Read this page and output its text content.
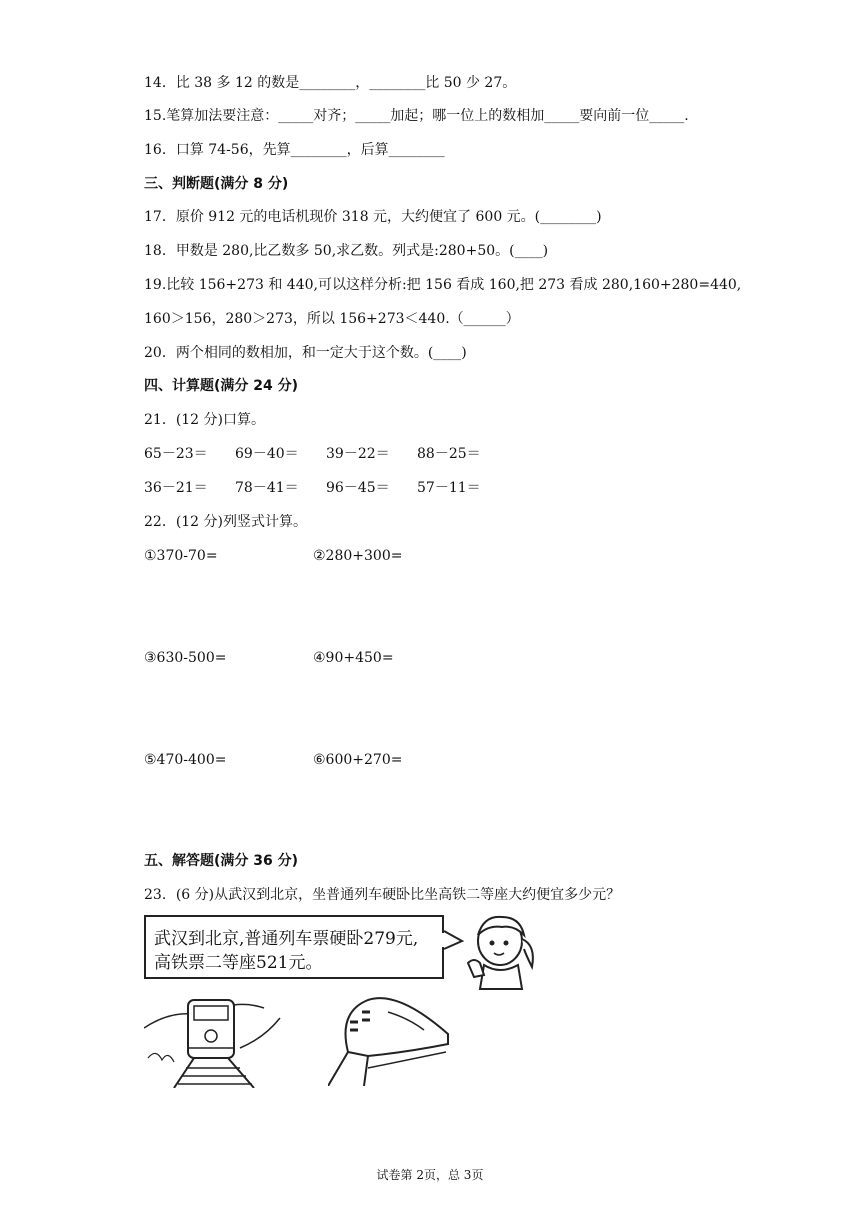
14．比 38 多 12 的数是________，________比 50 少 27。
15.笔算加法要注意：_____对齐；_____加起；哪一位上的数相加_____要向前一位_____.
16．口算 74-56，先算________，后算________
三、判断题(满分 8 分)
17．原价 912 元的电话机现价 318 元，大约便宜了 600 元。(________)
18．甲数是 280,比乙数多 50,求乙数。列式是:280+50。(____)
19.比较 156+273 和 440,可以这样分析:把 156 看成 160,把 273 看成 280,160+280=440,
160＞156，280＞273，所以 156+273＜440.（______）
20．两个相同的数相加，和一定大于这个数。(____)
四、计算题(满分 24 分)
21．(12 分)口算。
65－23＝ 69－40＝ 39－22＝ 88－25＝
36－21＝ 78－41＝ 96－45＝ 57－11＝
22．(12 分)列竖式计算。
①370-70=	②280+300=
③630-500=	④90+450=
⑤470-400=	⑥600+270=
五、解答题(满分 36 分)
23．(6 分)从武汉到北京，坐普通列车硬卧比坐高铁二等座大约便宜多少元？
武汉到北京,普通列车票硬卧279元,
高铁票二等座521元。
试卷第 2页，总 3页
